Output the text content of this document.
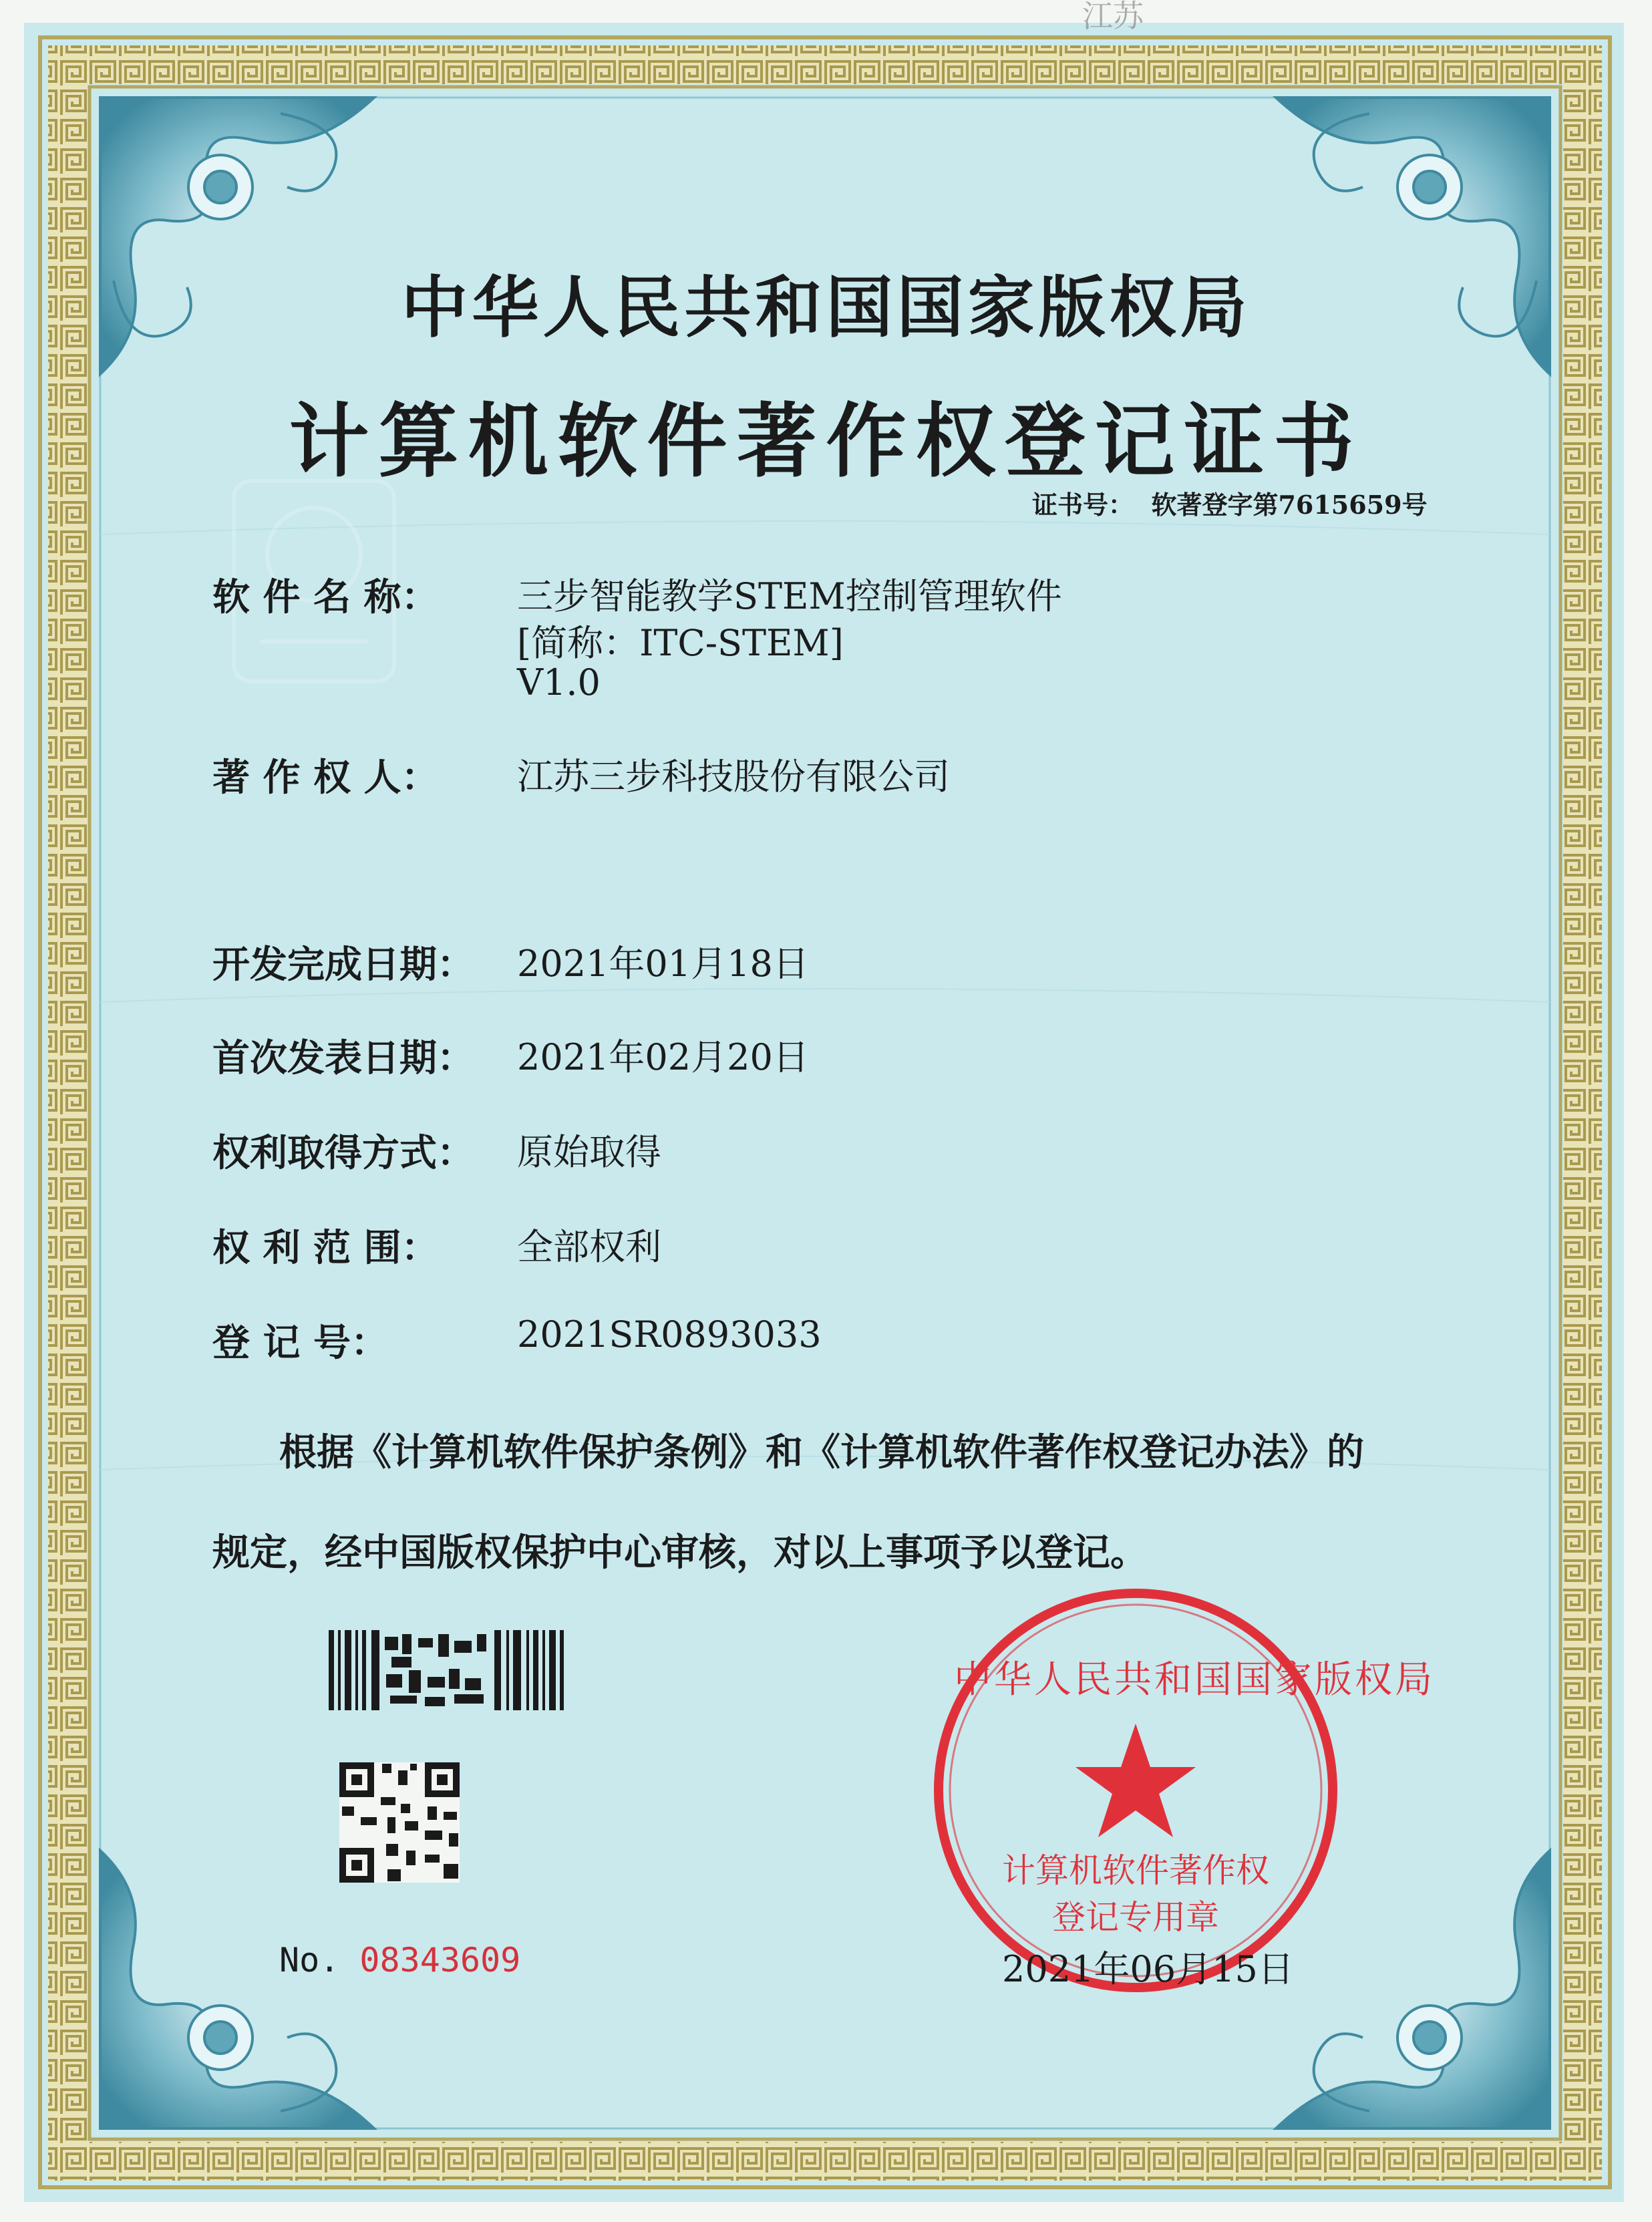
江苏
中华人民共和国国家版权局
计算机软件著作权登记证书
证书号： 软著登字第7615659号
软 件 名 称： 三步智能教学STEM控制管理软件
[简称：ITC-STEM]
V1.0
著 作 权 人： 江苏三步科技股份有限公司
开发完成日期： 2021年01月18日
首次发表日期： 2021年02月20日
权利取得方式： 原始取得
权 利 范 围： 全部权利
登 记 号：	2021SR0893033
根据《计算机软件保护条例》和《计算机软件著作权登记办法》的
规定，经中国版权保护中心审核，对以上事项予以登记。
中华人民共和国国家版权局
计算机软件著作权
登记专用章
No. 08343609	2021年06月15日
